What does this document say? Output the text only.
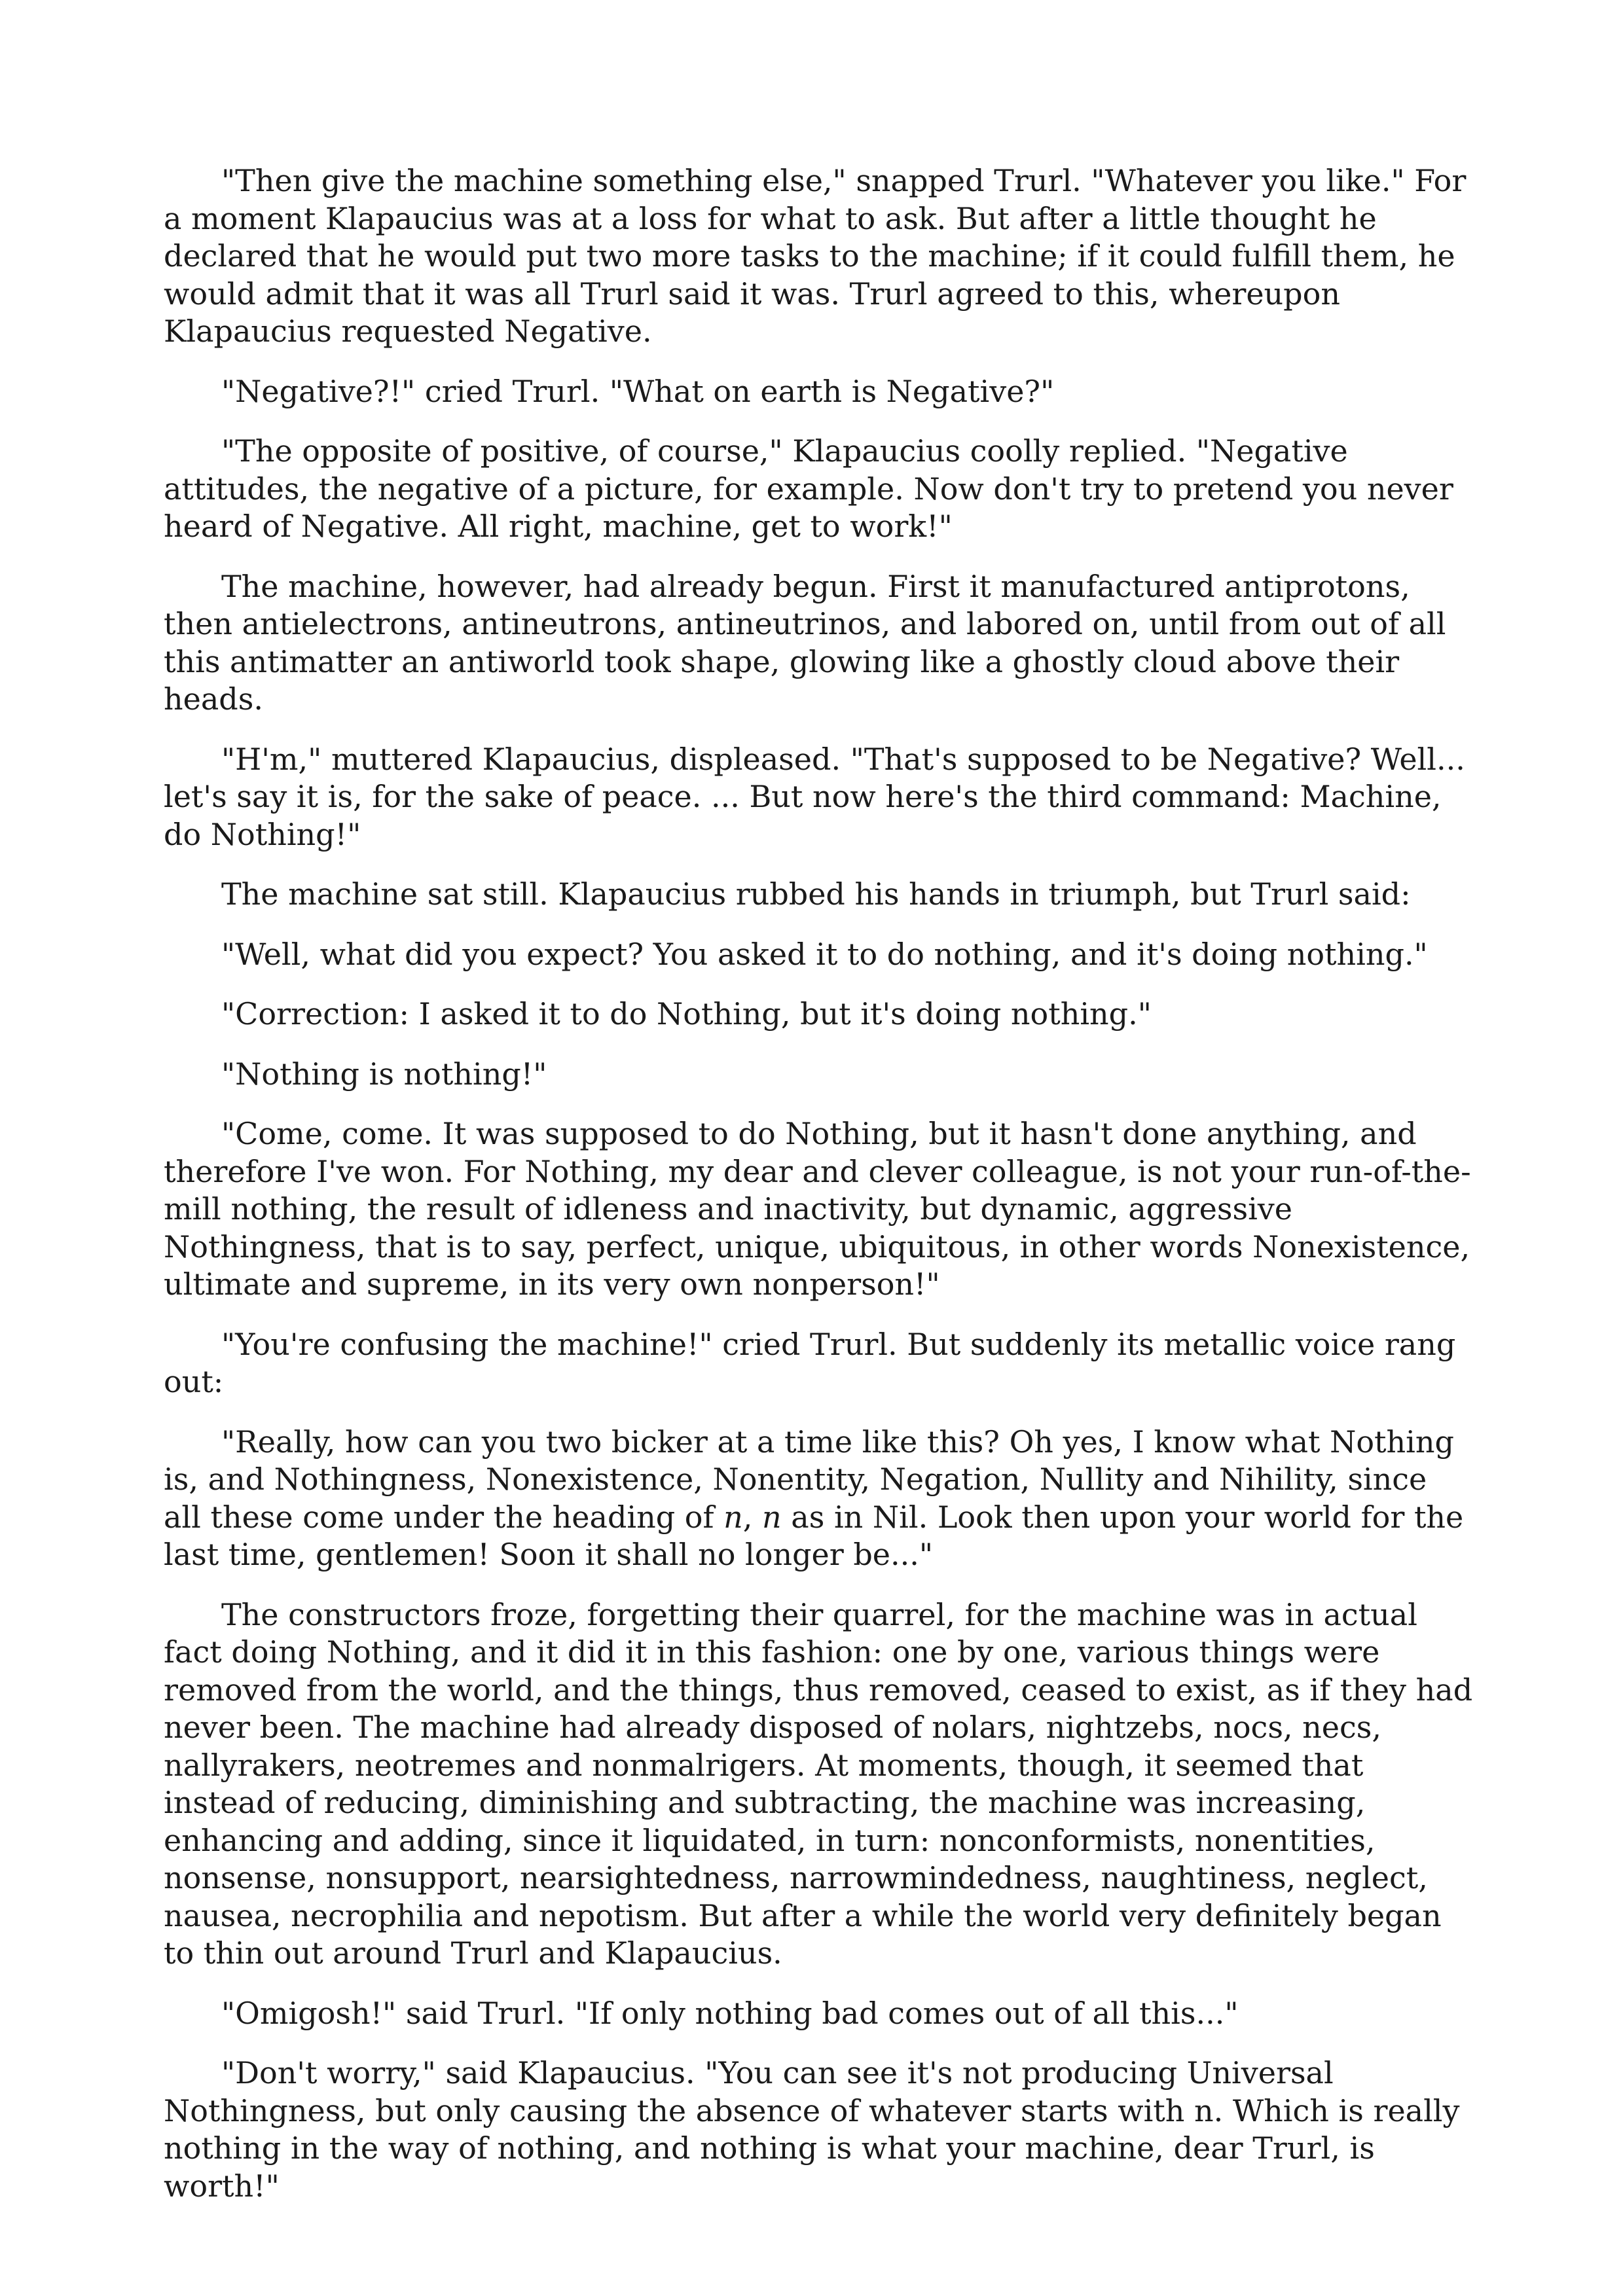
"Then give the machine something else," snapped Trurl. "Whatever you like." For a moment Klapaucius was at a loss for what to ask. But after a little thought he declared that he would put two more tasks to the machine; if it could fulfill them, he would admit that it was all Trurl said it was. Trurl agreed to this, whereupon Klapaucius requested Negative.

"Negative?!" cried Trurl. "What on earth is Negative?"

"The opposite of positive, of course," Klapaucius coolly replied. "Negative attitudes, the negative of a picture, for example. Now don't try to pretend you never heard of Negative. All right, machine, get to work!"

The machine, however, had already begun. First it manufactured antiprotons, then antielectrons, antineutrons, antineutrinos, and labored on, until from out of all this antimatter an antiworld took shape, glowing like a ghostly cloud above their heads.

"H'm," muttered Klapaucius, displeased. "That's supposed to be Negative? Well... let's say it is, for the sake of peace. ... But now here's the third command: Machine, do Nothing!"

The machine sat still. Klapaucius rubbed his hands in triumph, but Trurl said:

"Well, what did you expect? You asked it to do nothing, and it's doing nothing."

"Correction: I asked it to do Nothing, but it's doing nothing."

"Nothing is nothing!"

"Come, come. It was supposed to do Nothing, but it hasn't done anything, and therefore I've won. For Nothing, my dear and clever colleague, is not your run-of-the-mill nothing, the result of idleness and inactivity, but dynamic, aggressive Nothingness, that is to say, perfect, unique, ubiquitous, in other words Nonexistence, ultimate and supreme, in its very own nonperson!"

"You're confusing the machine!" cried Trurl. But suddenly its metallic voice rang out:

"Really, how can you two bicker at a time like this? Oh yes, I know what Nothing is, and Nothingness, Nonexistence, Nonentity, Negation, Nullity and Nihility, since all these come under the heading of n, n as in Nil. Look then upon your world for the last time, gentlemen! Soon it shall no longer be..."

The constructors froze, forgetting their quarrel, for the machine was in actual fact doing Nothing, and it did it in this fashion: one by one, various things were removed from the world, and the things, thus removed, ceased to exist, as if they had never been. The machine had already disposed of nolars, nightzebs, nocs, necs, nallyrakers, neotremes and nonmalrigers. At moments, though, it seemed that instead of reducing, diminishing and subtracting, the machine was increasing, enhancing and adding, since it liquidated, in turn: nonconformists, nonentities, nonsense, nonsupport, nearsightedness, narrowmindedness, naughtiness, neglect, nausea, necrophilia and nepotism. But after a while the world very definitely began to thin out around Trurl and Klapaucius.

"Omigosh!" said Trurl. "If only nothing bad comes out of all this..."

"Don't worry," said Klapaucius. "You can see it's not producing Universal Nothingness, but only causing the absence of whatever starts with n. Which is really nothing in the way of nothing, and nothing is what your machine, dear Trurl, is worth!"
